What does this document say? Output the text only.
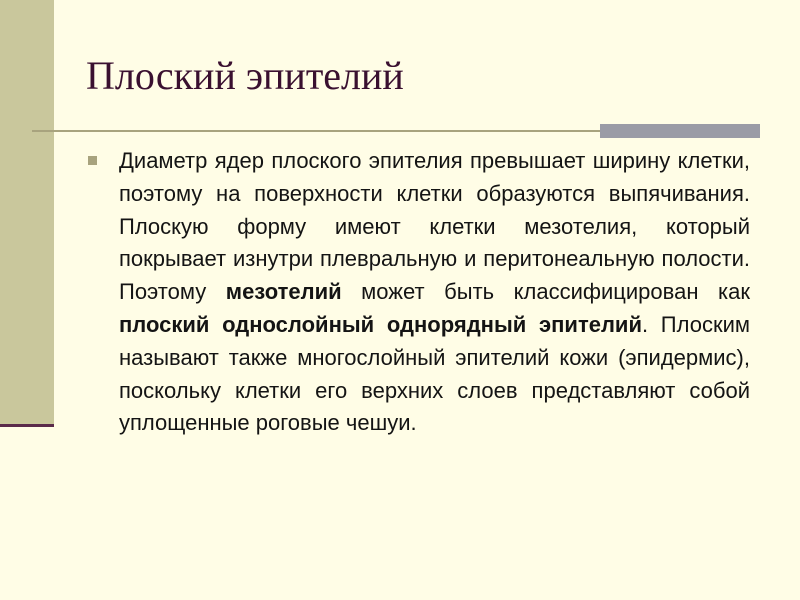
Плоский эпителий

Диаметр ядер плоского эпителия превышает ширину клетки, поэтому на поверхности клетки образуются выпячивания. Плоскую форму имеют клетки мезотелия, который покрывает изнутри плевральную и перитонеальную полости. Поэтому мезотелий может быть классифицирован как плоский однослойный однорядный эпителий. Плоским называют также многослойный эпителий кожи (эпидермис), поскольку клетки его верхних слоев представляют собой уплощенные роговые чешуи.
